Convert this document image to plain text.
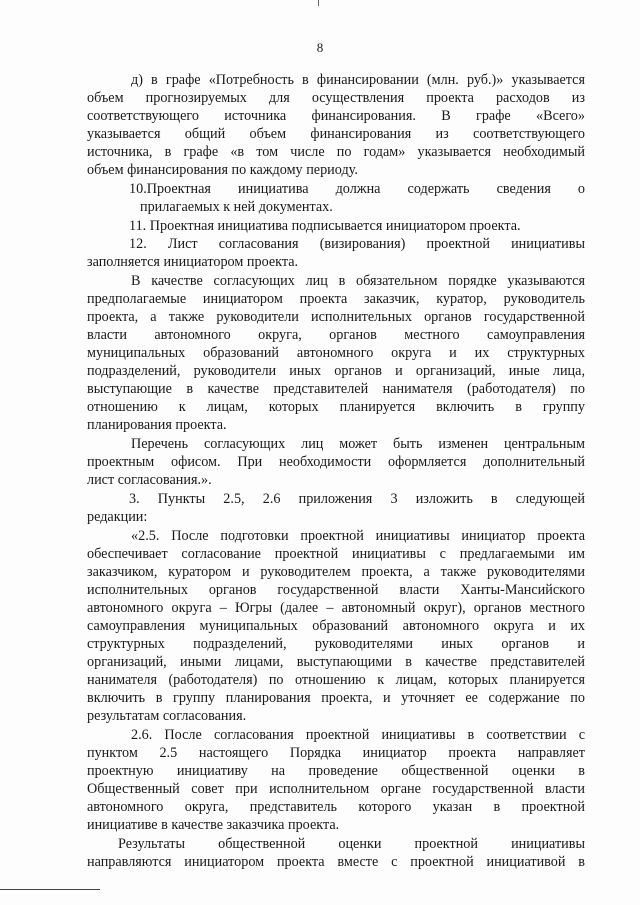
8
д) в графе «Потребность в финансировании (млн. руб.)» указывается
объем прогнозируемых для осуществления проекта расходов из
соответствующего источника финансирования. В графе «Всего»
указывается общий объем финансирования из соответствующего
источника, в графе «в том числе по годам» указывается необходимый
объем финансирования по каждому периоду.
10.Проектная инициатива должна содержать сведения о
прилагаемых к ней документах.
11. Проектная инициатива подписывается инициатором проекта.
12. Лист согласования (визирования) проектной инициативы
заполняется инициатором проекта.
В качестве согласующих лиц в обязательном порядке указываются
предполагаемые инициатором проекта заказчик, куратор, руководитель
проекта, а также руководители исполнительных органов государственной
власти автономного округа, органов местного самоуправления
муниципальных образований автономного округа и их структурных
подразделений, руководители иных органов и организаций, иные лица,
выступающие в качестве представителей нанимателя (работодателя) по
отношению к лицам, которых планируется включить в группу
планирования проекта.
Перечень согласующих лиц может быть изменен центральным
проектным офисом. При необходимости оформляется дополнительный
лист согласования.».
3. Пункты 2.5, 2.6 приложения 3 изложить в следующей
редакции:
«2.5. После подготовки проектной инициативы инициатор проекта
обеспечивает согласование проектной инициативы с предлагаемыми им
заказчиком, куратором и руководителем проекта, а также руководителями
исполнительных органов государственной власти Ханты-Мансийского
автономного округа – Югры (далее – автономный округ), органов местного
самоуправления муниципальных образований автономного округа и их
структурных подразделений, руководителями иных органов и
организаций, иными лицами, выступающими в качестве представителей
нанимателя (работодателя) по отношению к лицам, которых планируется
включить в группу планирования проекта, и уточняет ее содержание по
результатам согласования.
2.6. После согласования проектной инициативы в соответствии с
пунктом 2.5 настоящего Порядка инициатор проекта направляет
проектную инициативу на проведение общественной оценки в
Общественный совет при исполнительном органе государственной власти
автономного округа, представитель которого указан в проектной
инициативе в качестве заказчика проекта.
Результаты общественной оценки проектной инициативы
направляются инициатором проекта вместе с проектной инициативой в
